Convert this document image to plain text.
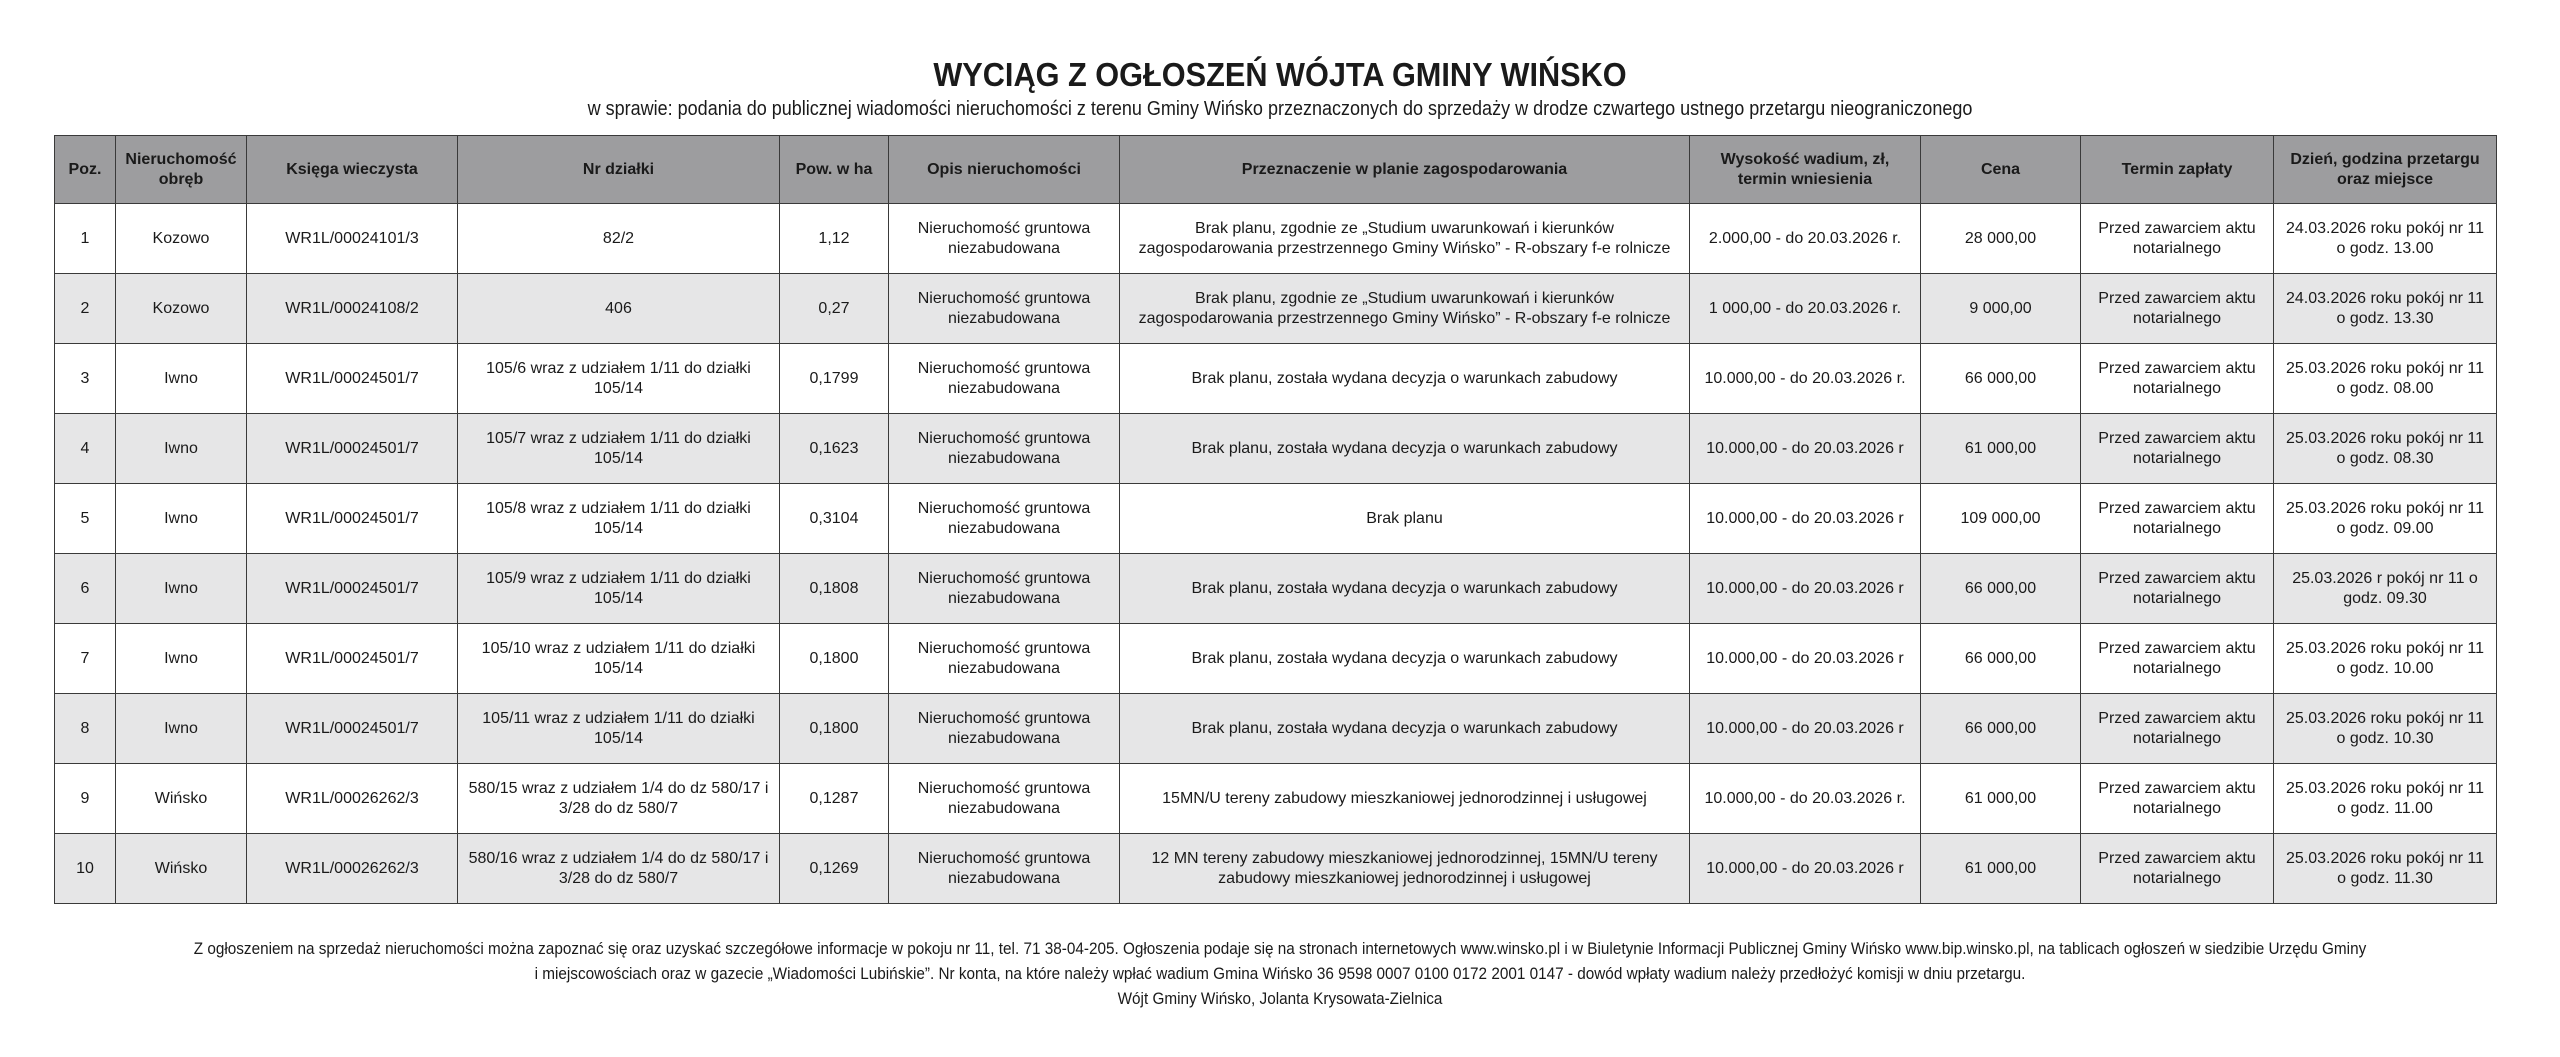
WYCIĄG Z OGŁOSZEŃ WÓJTA GMINY WIŃSKO
w sprawie: podania do publicznej wiadomości nieruchomości z terenu Gminy Wińsko przeznaczonych do sprzedaży w drodze czwartego ustnego przetargu nieograniczonego
Poz.	Nieruchomość obręb	Księga wieczysta	Nr działki	Pow. w ha	Opis nieruchomości	Przeznaczenie w planie zagospodarowania	Wysokość wadium, zł, termin wniesienia	Cena	Termin zapłaty	Dzień, godzina przetargu oraz miejsce
1	Kozowo	WR1L/00024101/3	82/2	1,12	Nieruchomość gruntowa niezabudowana	Brak planu, zgodnie ze „Studium uwarunkowań i kierunków zagospodarowania przestrzennego Gminy Wińsko” - R-obszary f-e rolnicze	2.000,00 - do 20.03.2026 r.	28 000,00	Przed zawarciem aktu notarialnego	24.03.2026 roku pokój nr 11 o godz. 13.00
2	Kozowo	WR1L/00024108/2	406	0,27	Nieruchomość gruntowa niezabudowana	Brak planu, zgodnie ze „Studium uwarunkowań i kierunków zagospodarowania przestrzennego Gminy Wińsko” - R-obszary f-e rolnicze	1 000,00 - do 20.03.2026 r.	9 000,00	Przed zawarciem aktu notarialnego	24.03.2026 roku pokój nr 11 o godz. 13.30
3	Iwno	WR1L/00024501/7	105/6 wraz z udziałem 1/11 do działki 105/14	0,1799	Nieruchomość gruntowa niezabudowana	Brak planu, została wydana decyzja o warunkach zabudowy	10.000,00 - do 20.03.2026 r.	66 000,00	Przed zawarciem aktu notarialnego	25.03.2026 roku pokój nr 11 o godz. 08.00
4	Iwno	WR1L/00024501/7	105/7 wraz z udziałem 1/11 do działki 105/14	0,1623	Nieruchomość gruntowa niezabudowana	Brak planu, została wydana decyzja o warunkach zabudowy	10.000,00 - do 20.03.2026 r	61 000,00	Przed zawarciem aktu notarialnego	25.03.2026 roku pokój nr 11 o godz. 08.30
5	Iwno	WR1L/00024501/7	105/8 wraz z udziałem 1/11 do działki 105/14	0,3104	Nieruchomość gruntowa niezabudowana	Brak planu	10.000,00 - do 20.03.2026 r	109 000,00	Przed zawarciem aktu notarialnego	25.03.2026 roku pokój nr 11 o godz. 09.00
6	Iwno	WR1L/00024501/7	105/9 wraz z udziałem 1/11 do działki 105/14	0,1808	Nieruchomość gruntowa niezabudowana	Brak planu, została wydana decyzja o warunkach zabudowy	10.000,00 - do 20.03.2026 r	66 000,00	Przed zawarciem aktu notarialnego	25.03.2026 r pokój nr 11 o godz. 09.30
7	Iwno	WR1L/00024501/7	105/10 wraz z udziałem 1/11 do działki 105/14	0,1800	Nieruchomość gruntowa niezabudowana	Brak planu, została wydana decyzja o warunkach zabudowy	10.000,00 - do 20.03.2026 r	66 000,00	Przed zawarciem aktu notarialnego	25.03.2026 roku pokój nr 11 o godz. 10.00
8	Iwno	WR1L/00024501/7	105/11 wraz z udziałem 1/11 do działki 105/14	0,1800	Nieruchomość gruntowa niezabudowana	Brak planu, została wydana decyzja o warunkach zabudowy	10.000,00 - do 20.03.2026 r	66 000,00	Przed zawarciem aktu notarialnego	25.03.2026 roku pokój nr 11 o godz. 10.30
9	Wińsko	WR1L/00026262/3	580/15 wraz z udziałem 1/4 do dz 580/17 i 3/28 do dz 580/7	0,1287	Nieruchomość gruntowa niezabudowana	15MN/U tereny zabudowy mieszkaniowej jednorodzinnej i usługowej	10.000,00 - do 20.03.2026 r.	61 000,00	Przed zawarciem aktu notarialnego	25.03.2026 roku pokój nr 11 o godz. 11.00
10	Wińsko	WR1L/00026262/3	580/16 wraz z udziałem 1/4 do dz 580/17 i 3/28 do dz 580/7	0,1269	Nieruchomość gruntowa niezabudowana	12 MN tereny zabudowy mieszkaniowej jednorodzinnej, 15MN/U tereny zabudowy mieszkaniowej jednorodzinnej i usługowej	10.000,00 - do 20.03.2026 r	61 000,00	Przed zawarciem aktu notarialnego	25.03.2026 roku pokój nr 11 o godz. 11.30
Z ogłoszeniem na sprzedaż nieruchomości można zapoznać się oraz uzyskać szczegółowe informacje w pokoju nr 11, tel. 71 38-04-205. Ogłoszenia podaje się na stronach internetowych www.winsko.pl i w Biuletynie Informacji Publicznej Gminy Wińsko www.bip.winsko.pl, na tablicach ogłoszeń w siedzibie Urzędu Gminy
i miejscowościach oraz w gazecie „Wiadomości Lubińskie”. Nr konta, na które należy wpłać wadium Gmina Wińsko 36 9598 0007 0100 0172 2001 0147 - dowód wpłaty wadium należy przedłożyć komisji w dniu przetargu.
Wójt Gminy Wińsko, Jolanta Krysowata-Zielnica
